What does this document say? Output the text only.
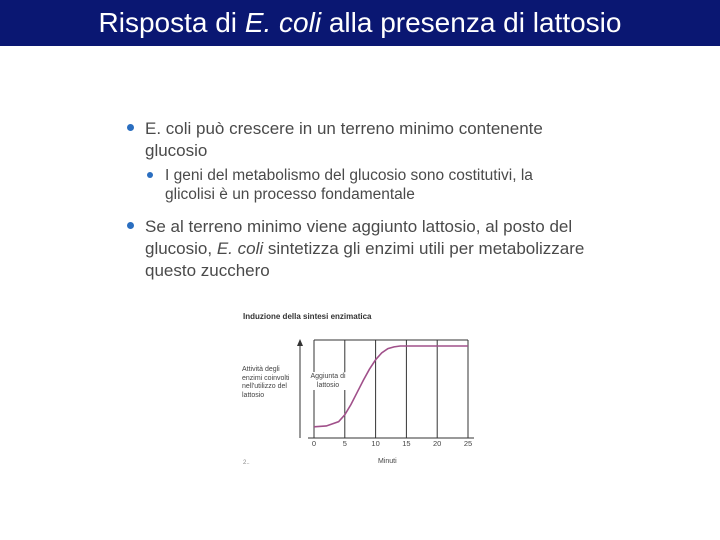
Risposta di E. coli alla presenza di lattosio
E. coli può crescere in un terreno minimo contenente glucosio
I geni del metabolismo del glucosio sono costitutivi, la glicolisi è un processo fondamentale
Se al terreno minimo viene aggiunto lattosio, al posto del glucosio, E. coli sintetizza gli enzimi utili per metabolizzare questo zucchero
Induzione della sintesi enzimatica
Attività degli enzimi coinvolti nell'utilizzo del lattosio
Aggiunta di lattosio
0	5	10	15	20	25
Minuti
2..
